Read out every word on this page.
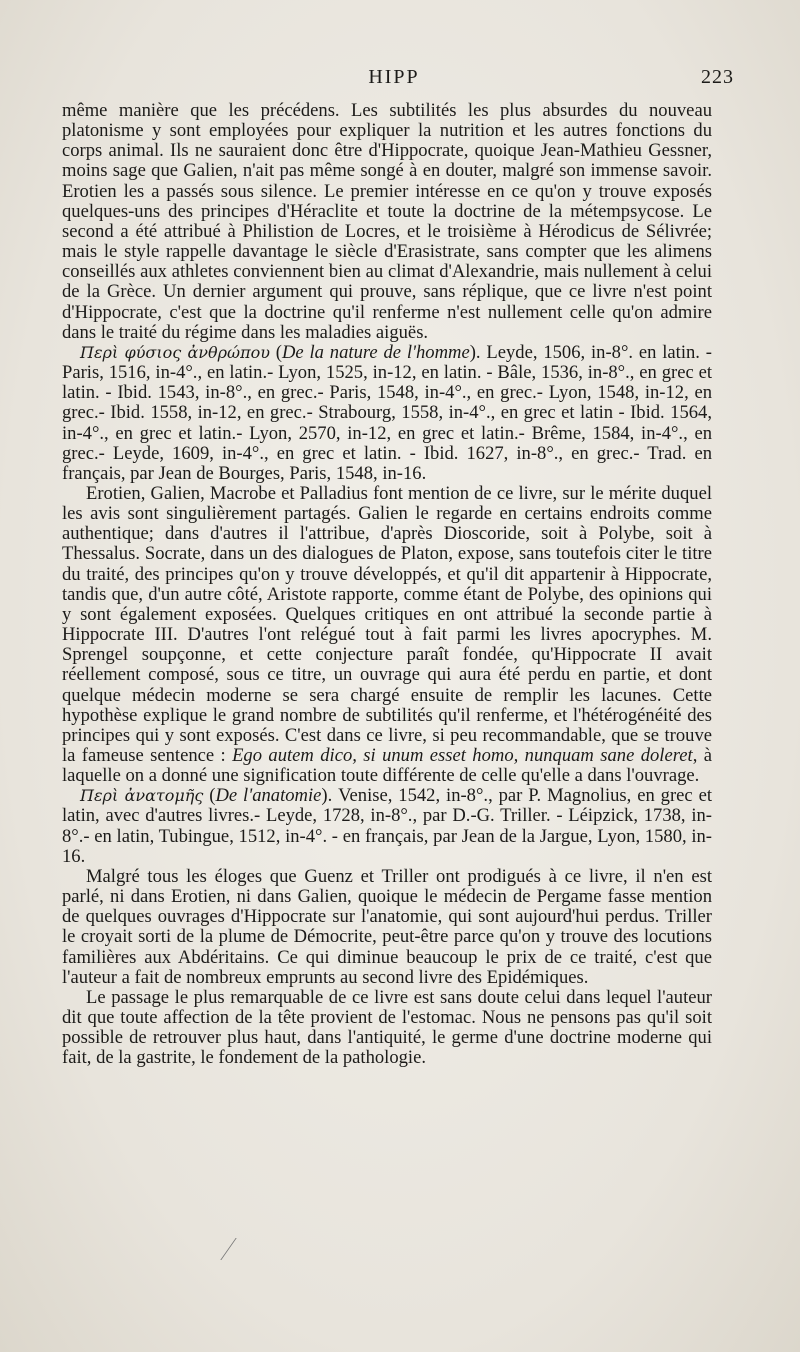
HIPP	223

même manière que les précédens. Les subtilités les plus absurdes du nouveau platonisme y sont employées pour expliquer la nutrition et les autres fonctions du corps animal. Ils ne sauraient donc être d'Hippocrate, quoique Jean-Mathieu Gessner, moins sage que Galien, n'ait pas même songé à en douter, malgré son immense savoir. Erotien les a passés sous silence. Le premier intéresse en ce qu'on y trouve exposés quelques-uns des principes d'Héraclite et toute la doctrine de la métempsycose. Le second a été attribué à Philistion de Locres, et le troisième à Hérodicus de Sélivrée; mais le style rappelle davantage le siècle d'Erasistrate, sans compter que les alimens conseillés aux athletes conviennent bien au climat d'Alexandrie, mais nullement à celui de la Grèce. Un dernier argument qui prouve, sans réplique, que ce livre n'est point d'Hippocrate, c'est que la doctrine qu'il renferme n'est nullement celle qu'on admire dans le traité du régime dans les maladies aiguës.

Περὶ φύσιος ἀνθρώπου (De la nature de l'homme). Leyde, 1506, in-8°. en latin. - Paris, 1516, in-4°., en latin.- Lyon, 1525, in-12, en latin. - Bâle, 1536, in-8°., en grec et latin. - Ibid. 1543, in-8°., en grec.- Paris, 1548, in-4°., en grec.- Lyon, 1548, in-12, en grec.- Ibid. 1558, in-12, en grec.- Strabourg, 1558, in-4°., en grec et latin - Ibid. 1564, in-4°., en grec et latin.- Lyon, 2570, in-12, en grec et latin.- Brême, 1584, in-4°., en grec.- Leyde, 1609, in-4°., en grec et latin. - Ibid. 1627, in-8°., en grec.- Trad. en français, par Jean de Bourges, Paris, 1548, in-16.

Erotien, Galien, Macrobe et Palladius font mention de ce livre, sur le mérite duquel les avis sont singulièrement partagés. Galien le regarde en certains endroits comme authentique; dans d'autres il l'attribue, d'après Dioscoride, soit à Polybe, soit à Thessalus. Socrate, dans un des dialogues de Platon, expose, sans toutefois citer le titre du traité, des principes qu'on y trouve développés, et qu'il dit appartenir à Hippocrate, tandis que, d'un autre côté, Aristote rapporte, comme étant de Polybe, des opinions qui y sont également exposées. Quelques critiques en ont attribué la seconde partie à Hippocrate III. D'autres l'ont relégué tout à fait parmi les livres apocryphes. M. Sprengel soupçonne, et cette conjecture paraît fondée, qu'Hippocrate II avait réellement composé, sous ce titre, un ouvrage qui aura été perdu en partie, et dont quelque médecin moderne se sera chargé ensuite de remplir les lacunes. Cette hypothèse explique le grand nombre de subtilités qu'il renferme, et l'hétérogénéité des principes qui y sont exposés. C'est dans ce livre, si peu recommandable, que se trouve la fameuse sentence : Ego autem dico, si unum esset homo, nunquam sane doleret, à laquelle on a donné une signification toute différente de celle qu'elle a dans l'ouvrage.

Περὶ ἀνατομῆς (De l'anatomie). Venise, 1542, in-8°., par P. Magnolius, en grec et latin, avec d'autres livres.- Leyde, 1728, in-8°., par D.-G. Triller. - Léipzick, 1738, in-8°.- en latin, Tubingue, 1512, in-4°. - en français, par Jean de la Jargue, Lyon, 1580, in-16.

Malgré tous les éloges que Guenz et Triller ont prodigués à ce livre, il n'en est parlé, ni dans Erotien, ni dans Galien, quoique le médecin de Pergame fasse mention de quelques ouvrages d'Hippocrate sur l'anatomie, qui sont aujourd'hui perdus. Triller le croyait sorti de la plume de Démocrite, peut-être parce qu'on y trouve des locutions familières aux Abdéritains. Ce qui diminue beaucoup le prix de ce traité, c'est que l'auteur a fait de nombreux emprunts au second livre des Epidémiques.

Le passage le plus remarquable de ce livre est sans doute celui dans lequel l'auteur dit que toute affection de la tête provient de l'estomac. Nous ne pensons pas qu'il soit possible de retrouver plus haut, dans l'antiquité, le germe d'une doctrine moderne qui fait, de la gastrite, le fondement de la pathologie.
